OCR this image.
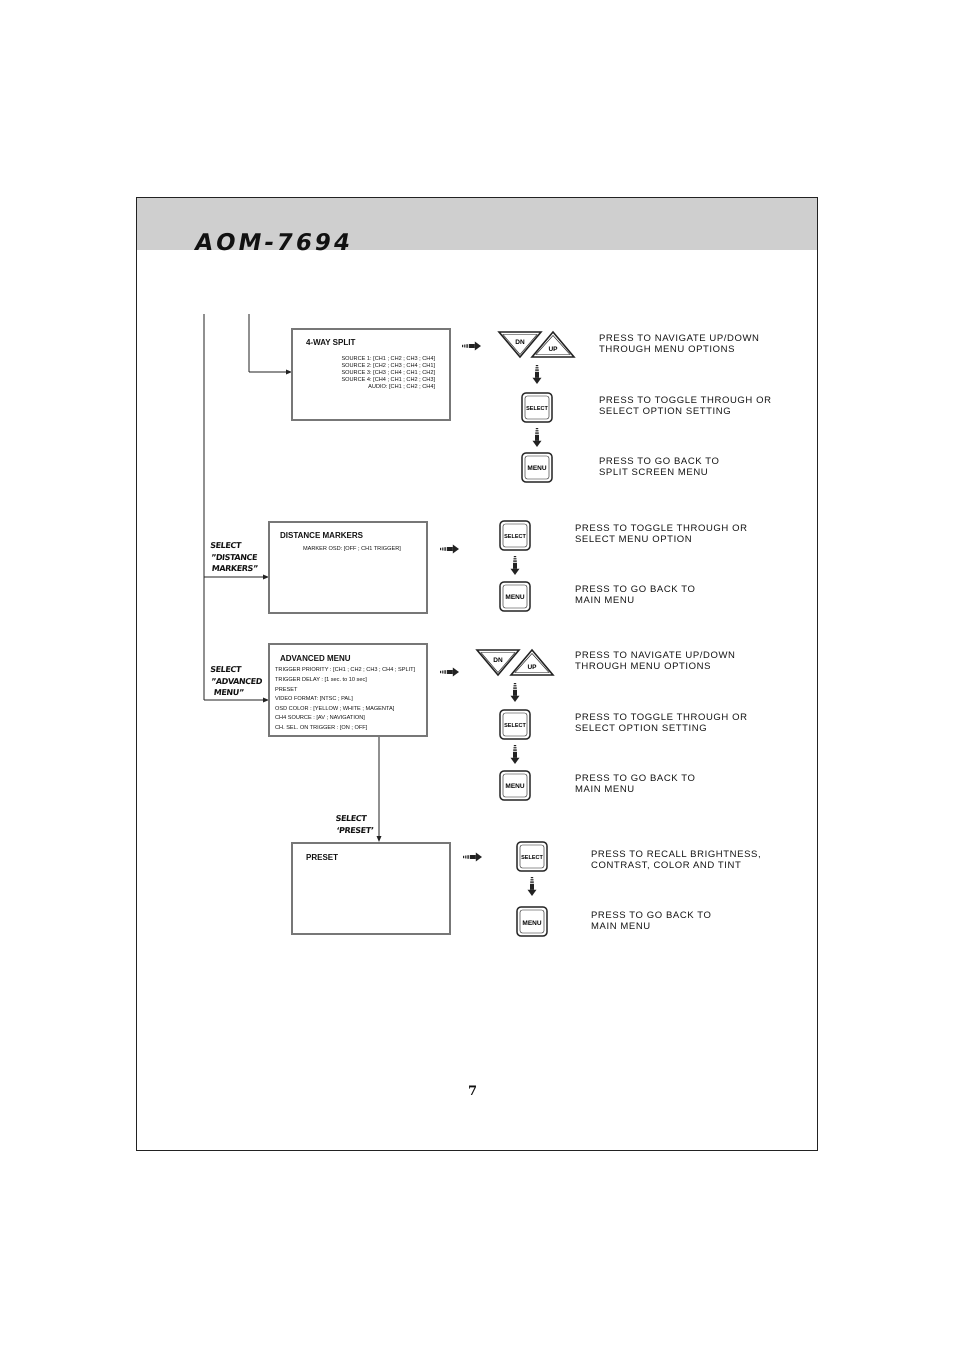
AOM-7694
4-WAY SPLIT
SOURCE 1: [CH1 ; CH2 ; CH3 ; CH4]
SOURCE 2: [CH2 ; CH3 ; CH4 ; CH1]
SOURCE 3: [CH3 ; CH4 ; CH1 ; CH2]
SOURCE 4: [CH4 ; CH1 ; CH2 ; CH3]
AUDIO: [CH1 ; CH2 ; CH4]
DISTANCE MARKERS
MARKER OSD: [OFF ; CH1 TRIGGER]
ADVANCED MENU
TRIGGER PRIORITY : [CH1 ; CH2 ; CH3 ; CH4 ; SPLIT]
TRIGGER DELAY : [1 sec. to 10 sec]
PRESET
VIDEO FORMAT: [NTSC ; PAL]
OSD COLOR : [YELLOW ; WHITE ; MAGENTA]
CH4 SOURCE : [AV ; NAVIGATION]
CH. SEL. ON TRIGGER : [ON ; OFF]
PRESET
SELECT
”DISTANCE
MARKERS”
SELECT
”ADVANCED
MENU”
SELECT
‘PRESET’
DN
UP
SELECT
MENU
SELECT
MENU
DN
UP
SELECT
MENU
SELECT
MENU
PRESS TO NAVIGATE UP/DOWN
THROUGH MENU OPTIONS
PRESS TO TOGGLE THROUGH OR
SELECT OPTION SETTING
PRESS TO GO BACK TO
SPLIT SCREEN MENU
PRESS TO TOGGLE THROUGH OR
SELECT MENU OPTION
PRESS TO GO BACK TO
MAIN MENU
PRESS TO NAVIGATE UP/DOWN
THROUGH MENU OPTIONS
PRESS TO TOGGLE THROUGH OR
SELECT OPTION SETTING
PRESS TO GO BACK TO
MAIN MENU
PRESS TO RECALL BRIGHTNESS,
CONTRAST, COLOR AND TINT
PRESS TO GO BACK TO
MAIN MENU
7
